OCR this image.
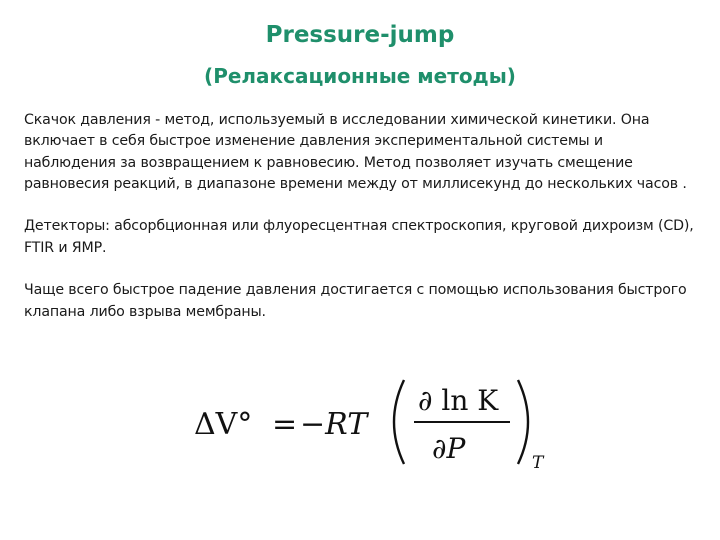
Pressure-jump
(Релаксационные методы)

Скачок давления - метод, используемый в исследовании химической кинетики. Она включает в себя быстрое изменение давления экспериментальной системы и наблюдения за возвращением к равновесию. Метод позволяет изучать смещение равновесия реакций, в диапазоне времени между от миллисекунд до нескольких часов .

Детекторы: абсорбционная или флуоресцентная спектроскопия, круговой дихроизм (CD), FTIR и ЯМР.

Чаще всего быстрое падение давления достигается с помощью использования быстрого клапана либо взрыва мембраны.

ΔV° = −RT
∂ ln K
∂P	T
